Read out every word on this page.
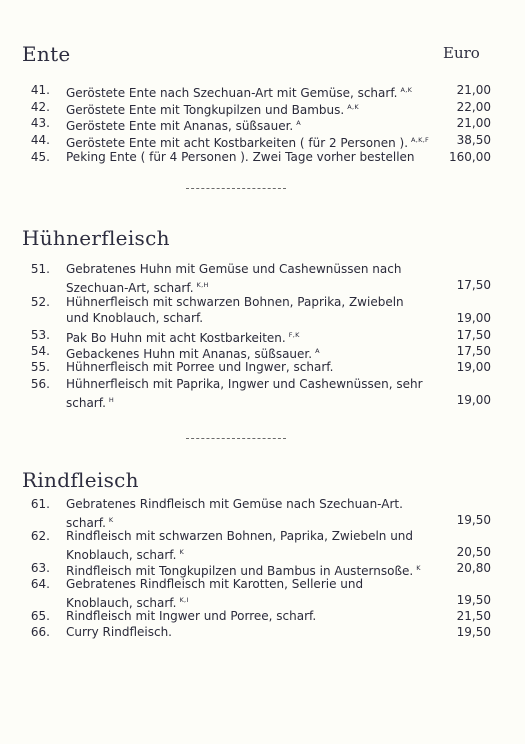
Euro
Ente
41. Geröstete Ente nach Szechuan-Art mit Gemüse, scharf. $^{A,K}$	21,00
42. Geröstete Ente mit Tongkupilzen und Bambus. $^{A,K}$	22,00
43. Geröstete Ente mit Ananas, süßsauer. $^A$	21,00
44. Geröstete Ente mit acht Kostbarkeiten ( für 2 Personen ). $^{A,K,F}$ 38,50
45. Peking Ente ( für 4 Personen ). Zwei Tage vorher bestellen	160,00
Hühnerfleisch
51. Gebratenes Huhn mit Gemüse und Cashewnüssen nach
Szechuan-Art, scharf. $^{K,H}$	17,50
52. Hühnerfleisch mit schwarzen Bohnen, Paprika, Zwiebeln
und Knoblauch, scharf.	19,00
53. Pak Bo Huhn mit acht Kostbarkeiten. $^{F,K}$	17,50
54. Gebackenes Huhn mit Ananas, süßsauer. $^A$	17,50
55. Hühnerfleisch mit Porree und Ingwer, scharf.	19,00
56. Hühnerfleisch mit Paprika, Ingwer und Cashewnüssen, sehr
scharf. $^H$	19,00
Rindfleisch
61. Gebratenes Rindfleisch mit Gemüse nach Szechuan-Art.
scharf. $^K$	19,50
62. Rindfleisch mit schwarzen Bohnen, Paprika, Zwiebeln und
Knoblauch, scharf. $^K$	20,50
63. Rindfleisch mit Tongkupilzen und Bambus in Austernsoße. $^K$	20,80
64. Gebratenes Rindfleisch mit Karotten, Sellerie und
Knoblauch, scharf. $^{K,I}$	19,50
65. Rindfleisch mit Ingwer und Porree, scharf.	21,50
66. Curry Rindfleisch.	19,50
